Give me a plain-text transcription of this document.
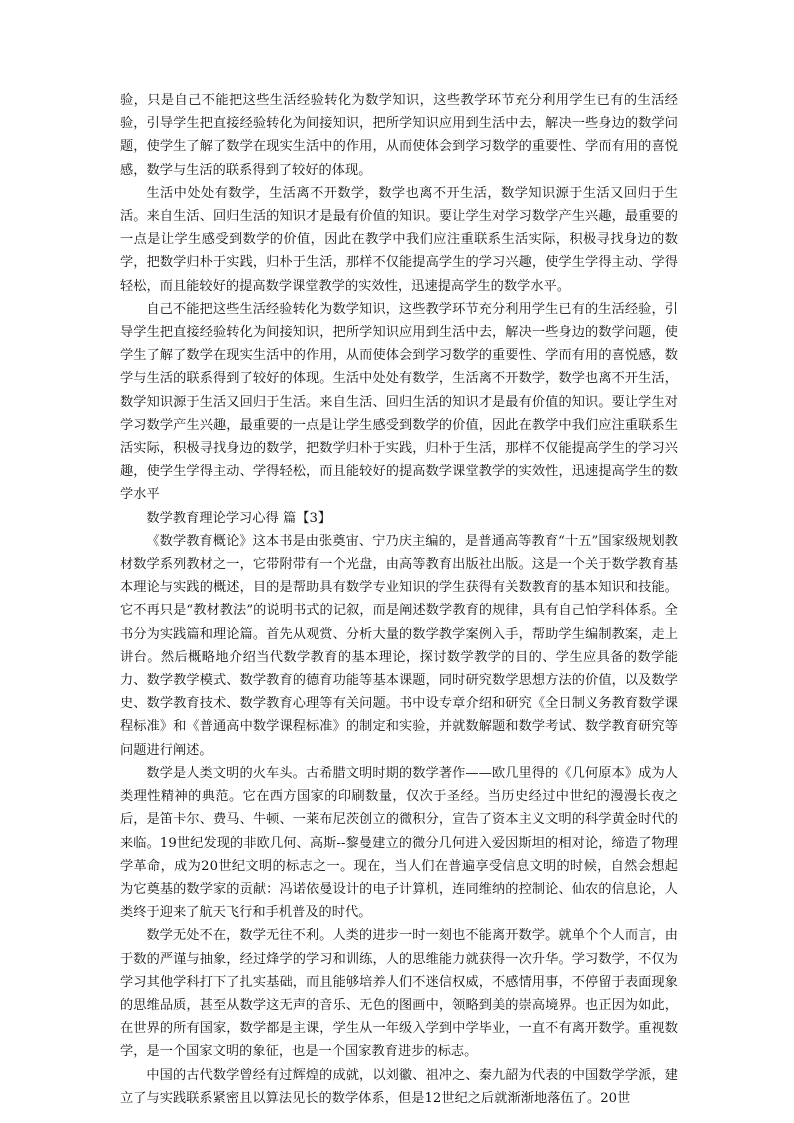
验，只是自己不能把这些生活经验转化为数学知识，这些教学环节充分利用学生已有的生活经验，引导学生把直接经验转化为间接知识，把所学知识应用到生活中去，解决一些身边的数学问题，使学生了解了数学在现实生活中的作用，从而使体会到学习数学的重要性、学而有用的喜悦感，数学与生活的联系得到了较好的体现。

生活中处处有数学，生活离不开数学，数学也离不开生活，数学知识源于生活又回归于生活。来自生活、回归生活的知识才是最有价值的知识。要让学生对学习数学产生兴趣，最重要的一点是让学生感受到数学的价值，因此在教学中我们应注重联系生活实际，积极寻找身边的数学，把数学归朴于实践，归朴于生活，那样不仅能提高学生的学习兴趣，使学生学得主动、学得轻松，而且能较好的提高数学课堂教学的实效性，迅速提高学生的数学水平。

自己不能把这些生活经验转化为数学知识，这些教学环节充分利用学生已有的生活经验，引导学生把直接经验转化为间接知识，把所学知识应用到生活中去，解决一些身边的数学问题，使学生了解了数学在现实生活中的作用，从而使体会到学习数学的重要性、学而有用的喜悦感，数学与生活的联系得到了较好的体现。生活中处处有数学，生活离不开数学，数学也离不开生活，数学知识源于生活又回归于生活。来自生活、回归生活的知识才是最有价值的知识。要让学生对学习数学产生兴趣，最重要的一点是让学生感受到数学的价值，因此在教学中我们应注重联系生活实际，积极寻找身边的数学，把数学归朴于实践，归朴于生活，那样不仅能提高学生的学习兴趣，使学生学得主动、学得轻松，而且能较好的提高数学课堂教学的实效性，迅速提高学生的数学水平

数学教育理论学习心得 篇【3】

《数学教育概论》这本书是由张奠宙、宁乃庆主编的，是普通高等教育“十五”国家级规划教材数学系列教材之一，它带附带有一个光盘，由高等教育出版社出版。这是一个关于数学教育基本理论与实践的概述，目的是帮助具有数学专业知识的学生获得有关数教育的基本知识和技能。它不再只是“教材教法”的说明书式的记叙，而是阐述数学教育的规律，具有自己怕学科体系。全书分为实践篇和理论篇。首先从观赏、分析大量的数学教学案例入手，帮助学生编制教案，走上讲台。然后概略地介绍当代数学教育的基本理论，探讨数学教学的目的、学生应具备的数学能力、数学教学模式、数学教育的德育功能等基本课题，同时研究数学思想方法的价值，以及数学史、数学教育技术、数学教育心理等有关问题。书中设专章介绍和研究《全日制义务教育数学课程标准》和《普通高中数学课程标准》的制定和实验，并就数解题和数学考试、数学教育研究等问题进行阐述。

数学是人类文明的火车头。古希腊文明时期的数学著作——欧几里得的《几何原本》成为人类理性精神的典范。它在西方国家的印刷数量，仅次于圣经。当历史经过中世纪的漫漫长夜之后，是笛卡尔、费马、牛顿、一莱布尼茨创立的微积分，宣告了资本主义文明的科学黄金时代的来临。19世纪发现的非欧几何、高斯--黎曼建立的微分几何进入爱因斯坦的相对论，缔造了物理学革命，成为20世纪文明的标志之一。现在，当人们在普遍享受信息文明的时候，自然会想起为它奠基的数学家的贡献：冯诺依曼设计的电子计算机，连同维纳的控制论、仙农的信息论，人类终于迎来了航天飞行和手机普及的时代。

数学无处不在，数学无往不利。人类的进步一时一刻也不能离开数学。就单个个人而言，由于数的严谨与抽象，经过烽学的学习和训练，人的思维能力就获得一次升华。学习数学，不仅为学习其他学科打下了扎实基础，而且能够培养人们不迷信权威，不感情用事，不停留于表面现象的思维品质，甚至从数学这无声的音乐、无色的图画中，领略到美的崇高境界。也正因为如此，在世界的所有国家，数学都是主课，学生从一年级入学到中学毕业，一直不有离开数学。重视数学，是一个国家文明的象征，也是一个国家教育进步的标志。

中国的古代数学曾经有过辉煌的成就，以刘徽、祖冲之、秦九韶为代表的中国数学学派，建立了与实践联系紧密且以算法见长的数学体系，但是12世纪之后就渐渐地落伍了。20世
